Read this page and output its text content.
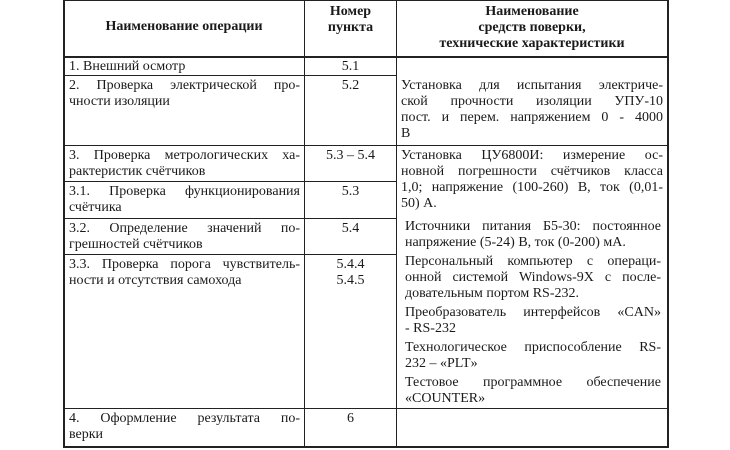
Наименование операции
Номер
пункта
Наименование
средств поверки,
технические характеристики
1. Внешний осмотр
2. Проверка электрической про-
чности изоляции
3. Проверка метрологических ха-
рактеристик счётчиков
3.1. Проверка функционирования
счётчика
3.2. Определение значений по-
грешностей счётчиков
3.3. Проверка порога чувствитель-
ности и отсутствия самохода
4. Оформление результата по-
верки
5.1
5.2
5.3 – 5.4
5.3
5.4
5.4.4
5.4.5
6
Установка для испытания электриче-
ской прочности изоляции УПУ-10
пост. и перем. напряжением 0 - 4000
В
Установка ЦУ6800И: измерение ос-
новной погрешности счётчиков класса
1,0; напряжение (100-260) В, ток (0,01-
50) А.
Источники питания Б5-30: постоянное
напряжение (5-24) В, ток (0-200) мА.
Персональный компьютер с операци-
онной системой Windows-9X с после-
довательным портом RS-232.
Преобразователь интерфейсов «CAN»
- RS-232
Технологическое приспособление RS-
232 – «PLT»
Тестовое программное обеспечение
«COUNTER»
